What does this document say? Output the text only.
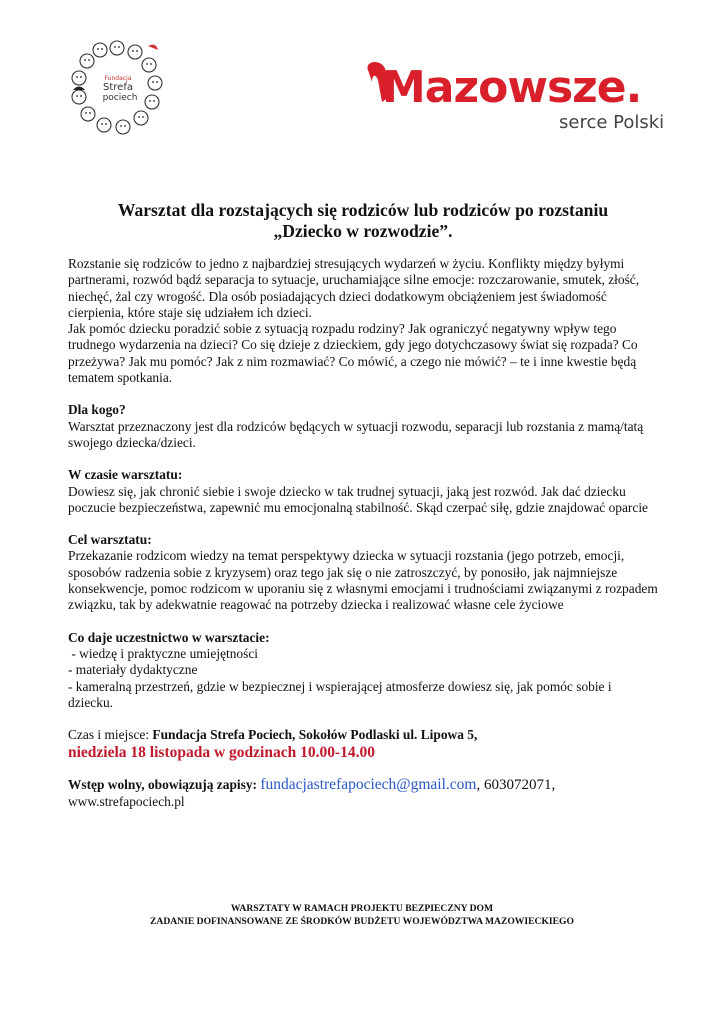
Fundacja
Strefa
pociech	Mazowsze.
serce Polski

Warsztat dla rozstających się rodziców lub rodziców po rozstaniu

„Dziecko w rozwodzie”.

Rozstanie się rodziców to jedno z najbardziej stresujących wydarzeń w życiu. Konflikty między byłymi partnerami, rozwód bądź separacja to sytuacje, uruchamiające silne emocje: rozczarowanie, smutek, złość, niechęć, żal czy wrogość. Dla osób posiadających dzieci dodatkowym obciążeniem jest świadomość cierpienia, które staje się udziałem ich dzieci.

Jak pomóc dziecku poradzić sobie z sytuacją rozpadu rodziny? Jak ograniczyć negatywny wpływ tego trudnego wydarzenia na dzieci? Co się dzieje z dzieckiem, gdy jego dotychczasowy świat się rozpada? Co przeżywa? Jak mu pomóc? Jak z nim rozmawiać? Co mówić, a czego nie mówić? – te i inne kwestie będą tematem spotkania.

Dla kogo?

Warsztat przeznaczony jest dla rodziców będących w sytuacji rozwodu, separacji lub rozstania z mamą/tatą swojego dziecka/dzieci.

W czasie warsztatu:

Dowiesz się, jak chronić siebie i swoje dziecko w tak trudnej sytuacji, jaką jest rozwód. Jak dać dziecku poczucie bezpieczeństwa, zapewnić mu emocjonalną stabilność. Skąd czerpać siłę, gdzie znajdować oparcie

Cel warsztatu:

Przekazanie rodzicom wiedzy na temat perspektywy dziecka w sytuacji rozstania (jego potrzeb, emocji, sposobów radzenia sobie z kryzysem) oraz tego jak się o nie zatroszczyć, by ponosiło, jak najmniejsze konsekwencje, pomoc rodzicom w uporaniu się z własnymi emocjami i trudnościami związanymi z rozpadem związku, tak by adekwatnie reagować na potrzeby dziecka i realizować własne cele życiowe

Co daje uczestnictwo w warsztacie:

- wiedzę i praktyczne umiejętności

- materiały dydaktyczne

- kameralną przestrzeń, gdzie w bezpiecznej i wspierającej atmosferze dowiesz się, jak pomóc sobie i dziecku.

Czas i miejsce: Fundacja Strefa Pociech, Sokołów Podlaski ul. Lipowa 5,

niedziela 18 listopada w godzinach 10.00-14.00

Wstęp wolny, obowiązują zapisy: fundacjastrefapociech@gmail.com, 603072071,

www.strefapociech.pl

WARSZTATY W RAMACH PROJEKTU BEZPIECZNY DOM
ZADANIE DOFINANSOWANE ZE ŚRODKÓW BUDŻETU WOJEWÓDZTWA MAZOWIECKIEGO
